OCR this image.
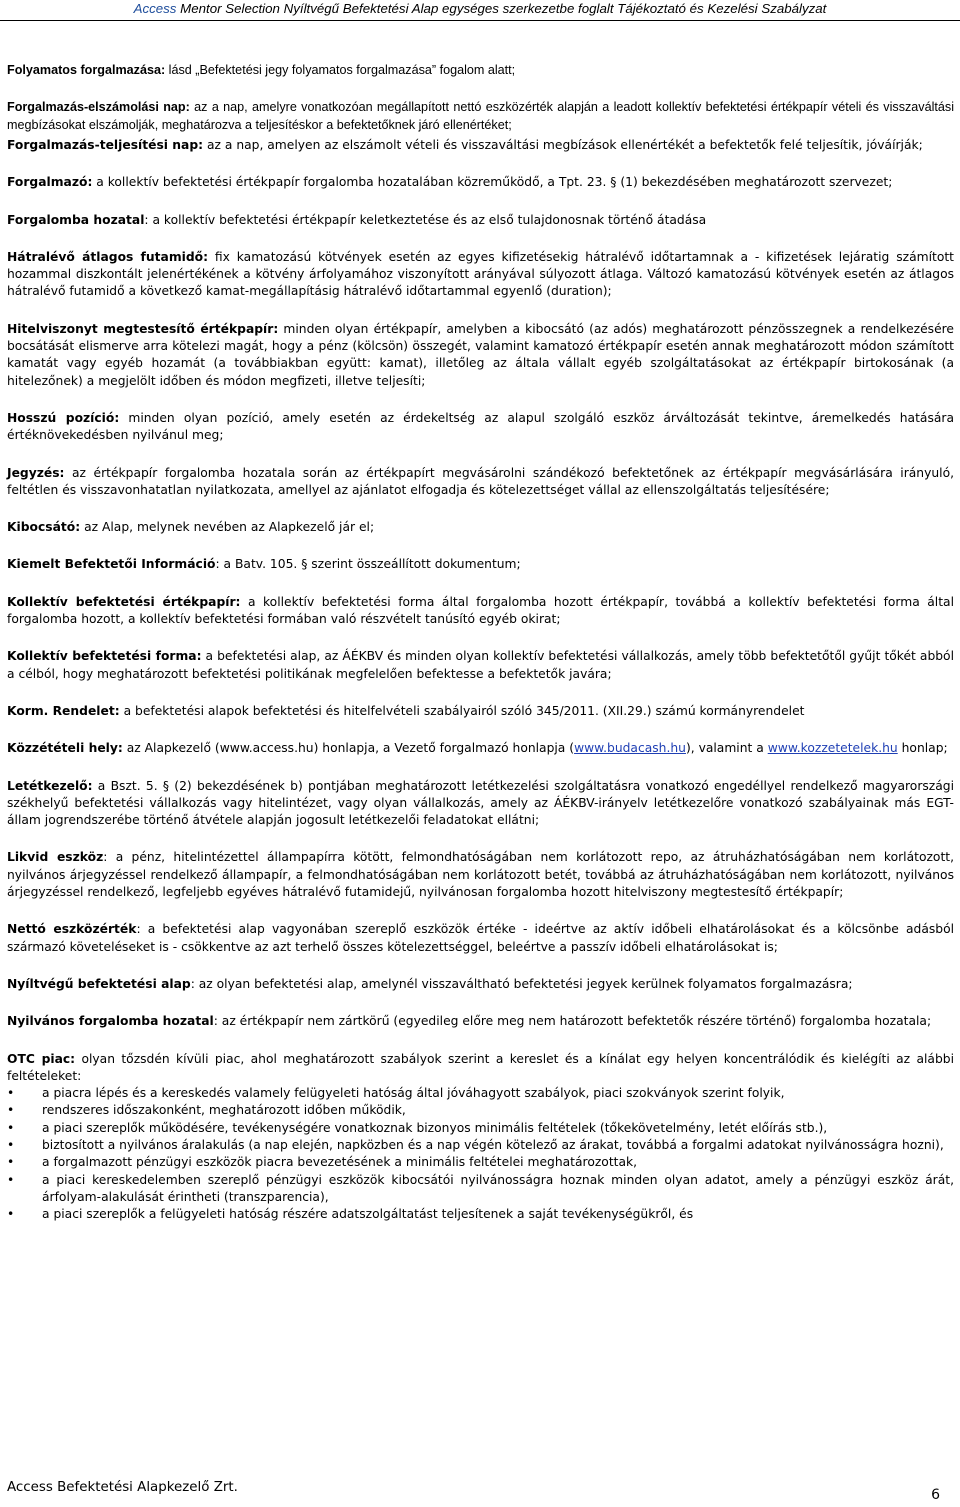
Access Mentor Selection Nyíltvégű Befektetési Alap egységes szerkezetbe foglalt Tájékoztató és Kezelési Szabályzat

Folyamatos forgalmazása: lásd „Befektetési jegy folyamatos forgalmazása” fogalom alatt;

Forgalmazás-elszámolási nap: az a nap, amelyre vonatkozóan megállapított nettó eszközérték alapján a leadott kollektív befektetési értékpapír vételi és visszaváltási megbízásokat elszámolják, meghatározva a teljesítéskor a befektetőknek járó ellenértéket;

Forgalmazás-teljesítési nap: az a nap, amelyen az elszámolt vételi és visszaváltási megbízások ellenértékét a befektetők felé teljesítik, jóváírják;

Forgalmazó: a kollektív befektetési értékpapír forgalomba hozatalában közreműködő, a Tpt. 23. § (1) bekezdésében meghatározott szervezet;

Forgalomba hozatal: a kollektív befektetési értékpapír keletkeztetése és az első tulajdonosnak történő átadása

Hátralévő átlagos futamidő: fix kamatozású kötvények esetén az egyes kifizetésekig hátralévő időtartamnak a - kifizetések lejáratig számított hozammal diszkontált jelenértékének a kötvény árfolyamához viszonyított arányával súlyozott átlaga. Változó kamatozású kötvények esetén az átlagos hátralévő futamidő a következő kamat-megállapításig hátralévő időtartammal egyenlő (duration);

Hitelviszonyt megtestesítő értékpapír: minden olyan értékpapír, amelyben a kibocsátó (az adós) meghatározott pénzösszegnek a rendelkezésére bocsátását elismerve arra kötelezi magát, hogy a pénz (kölcsön) összegét, valamint kamatozó értékpapír esetén annak meghatározott módon számított kamatát vagy egyéb hozamát (a továbbiakban együtt: kamat), illetőleg az általa vállalt egyéb szolgáltatásokat az értékpapír birtokosának (a hitelezőnek) a megjelölt időben és módon megfizeti, illetve teljesíti;

Hosszú pozíció: minden olyan pozíció, amely esetén az érdekeltség az alapul szolgáló eszköz árváltozását tekintve, áremelkedés hatására értéknövekedésben nyilvánul meg;

Jegyzés: az értékpapír forgalomba hozatala során az értékpapírt megvásárolni szándékozó befektetőnek az értékpapír megvásárlására irányuló, feltétlen és visszavonhatatlan nyilatkozata, amellyel az ajánlatot elfogadja és kötelezettséget vállal az ellenszolgáltatás teljesítésére;

Kibocsátó: az Alap, melynek nevében az Alapkezelő jár el;

Kiemelt Befektetői Információ: a Batv. 105. § szerint összeállított dokumentum;

Kollektív befektetési értékpapír: a kollektív befektetési forma által forgalomba hozott értékpapír, továbbá a kollektív befektetési forma által forgalomba hozott, a kollektív befektetési formában való részvételt tanúsító egyéb okirat;

Kollektív befektetési forma: a befektetési alap, az ÁÉKBV és minden olyan kollektív befektetési vállalkozás, amely több befektetőtől gyűjt tőkét abból a célból, hogy meghatározott befektetési politikának megfelelően befektesse a befektetők javára;

Korm. Rendelet: a befektetési alapok befektetési és hitelfelvételi szabályairól szóló 345/2011. (XII.29.) számú kormányrendelet

Közzétételi hely: az Alapkezelő (www.access.hu) honlapja, a Vezető forgalmazó honlapja (www.budacash.hu), valamint a www.kozzetetelek.hu honlap;

Letétkezelő: a Bszt. 5. § (2) bekezdésének b) pontjában meghatározott letétkezelési szolgáltatásra vonatkozó engedéllyel rendelkező magyarországi székhelyű befektetési vállalkozás vagy hitelintézet, vagy olyan vállalkozás, amely az ÁÉKBV-irányelv letétkezelőre vonatkozó szabályainak más EGT-állam jogrendszerébe történő átvétele alapján jogosult letétkezelői feladatokat ellátni;

Likvid eszköz: a pénz, hitelintézettel állampapírra kötött, felmondhatóságában nem korlátozott repo, az átruházhatóságában nem korlátozott, nyilvános árjegyzéssel rendelkező állampapír, a felmondhatóságában nem korlátozott betét, továbbá az átruházhatóságában nem korlátozott, nyilvános árjegyzéssel rendelkező, legfeljebb egyéves hátralévő futamidejű, nyilvánosan forgalomba hozott hitelviszony megtestesítő értékpapír;

Nettó eszközérték: a befektetési alap vagyonában szereplő eszközök értéke - ideértve az aktív időbeli elhatárolásokat és a kölcsönbe adásból származó követeléseket is - csökkentve az azt terhelő összes kötelezettséggel, beleértve a passzív időbeli elhatárolásokat is;

Nyíltvégű befektetési alap: az olyan befektetési alap, amelynél visszaváltható befektetési jegyek kerülnek folyamatos forgalmazásra;

Nyilvános forgalomba hozatal: az értékpapír nem zártkörű (egyedileg előre meg nem határozott befektetők részére történő) forgalomba hozatala;

OTC piac: olyan tőzsdén kívüli piac, ahol meghatározott szabályok szerint a kereslet és a kínálat egy helyen koncentrálódik és kielégíti az alábbi feltételeket:

• a piacra lépés és a kereskedés valamely felügyeleti hatóság által jóváhagyott szabályok, piaci szokványok szerint folyik,
• rendszeres időszakonként, meghatározott időben működik,
• a piaci szereplők működésére, tevékenységére vonatkoznak bizonyos minimális feltételek (tőkekövetelmény, letét előírás stb.),
• biztosított a nyilvános áralakulás (a nap elején, napközben és a nap végén kötelező az árakat, továbbá a forgalmi adatokat nyilvánosságra hozni),
• a forgalmazott pénzügyi eszközök piacra bevezetésének a minimális feltételei meghatározottak,
• a piaci kereskedelemben szereplő pénzügyi eszközök kibocsátói nyilvánosságra hoznak minden olyan adatot, amely a pénzügyi eszköz árát, árfolyam-alakulását érintheti (transzparencia),
• a piaci szereplők a felügyeleti hatóság részére adatszolgáltatást teljesítenek a saját tevékenységükről, és
Access Befektetési Alapkezelő Zrt.	6
